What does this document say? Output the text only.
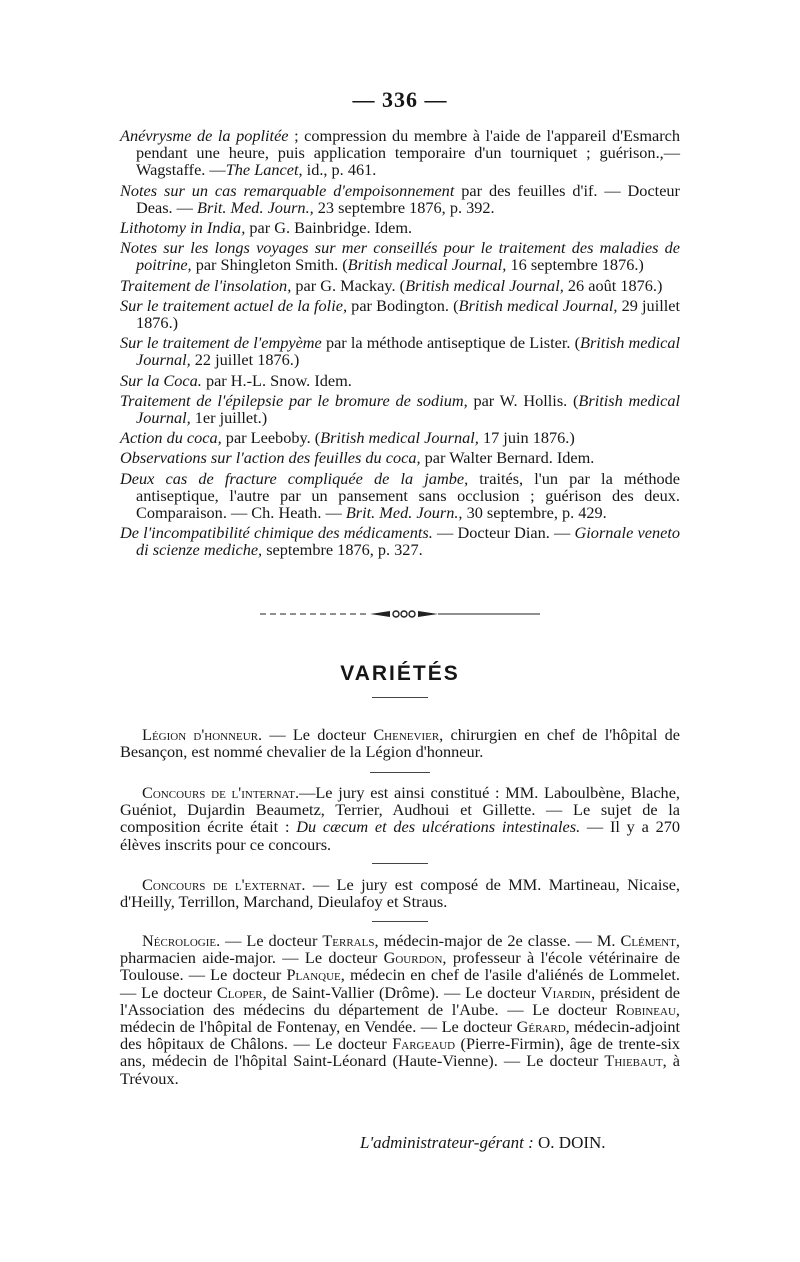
— 336 —

Anévrysme de la poplitée ; compression du membre à l'aide de l'appareil d'Esmarch pendant une heure, puis application temporaire d'un tourniquet ; guérison.,— Wagstaffe. —The Lancet, id., p. 461.

Notes sur un cas remarquable d'empoisonnement par des feuilles d'if. — Docteur Deas. — Brit. Med. Journ., 23 septembre 1876, p. 392.

Lithotomy in India, par G. Bainbridge. Idem.

Notes sur les longs voyages sur mer conseillés pour le traitement des maladies de poitrine, par Shingleton Smith. (British medical Journal, 16 septembre 1876.)

Traitement de l'insolation, par G. Mackay. (British medical Journal, 26 août 1876.)

Sur le traitement actuel de la folie, par Bodington. (British medical Journal, 29 juillet 1876.)

Sur le traitement de l'empyème par la méthode antiseptique de Lister. (British medical Journal, 22 juillet 1876.)

Sur la Coca. par H.-L. Snow. Idem.

Traitement de l'épilepsie par le bromure de sodium, par W. Hollis. (British medical Journal, 1er juillet.)

Action du coca, par Leeboby. (British medical Journal, 17 juin 1876.)

Observations sur l'action des feuilles du coca, par Walter Bernard. Idem.

Deux cas de fracture compliquée de la jambe, traités, l'un par la méthode antiseptique, l'autre par un pansement sans occlusion ; guérison des deux. Comparaison. — Ch. Heath. — Brit. Med. Journ., 30 septembre, p. 429.

De l'incompatibilité chimique des médicaments. — Docteur Dian. — Giornale veneto di scienze mediche, septembre 1876, p. 327.

VARIÉTÉS

Légion d'honneur. — Le docteur Chenevier, chirurgien en chef de l'hôpital de Besançon, est nommé chevalier de la Légion d'honneur.

Concours de l'internat.—Le jury est ainsi constitué : MM. Laboulbène, Blache, Guéniot, Dujardin Beaumetz, Terrier, Audhoui et Gillette. — Le sujet de la composition écrite était : Du cæcum et des ulcérations intestinales. — Il y a 270 élèves inscrits pour ce concours.

Concours de l'externat. — Le jury est composé de MM. Martineau, Nicaise, d'Heilly, Terrillon, Marchand, Dieulafoy et Straus.

Nécrologie. — Le docteur Terrals, médecin-major de 2e classe. — M. Clément, pharmacien aide-major. — Le docteur Gourdon, professeur à l'école vétérinaire de Toulouse. — Le docteur Planque, médecin en chef de l'asile d'aliénés de Lommelet. — Le docteur Cloper, de Saint-Vallier (Drôme). — Le docteur Viardin, président de l'Association des médecins du département de l'Aube. — Le docteur Robineau, médecin de l'hôpital de Fontenay, en Vendée. — Le docteur Gérard, médecin-adjoint des hôpitaux de Châlons. — Le docteur Fargeaud (Pierre-Firmin), âge de trente-six ans, médecin de l'hôpital Saint-Léonard (Haute-Vienne). — Le docteur Thiebaut, à Trévoux.

L'administrateur-gérant : O. DOIN.
